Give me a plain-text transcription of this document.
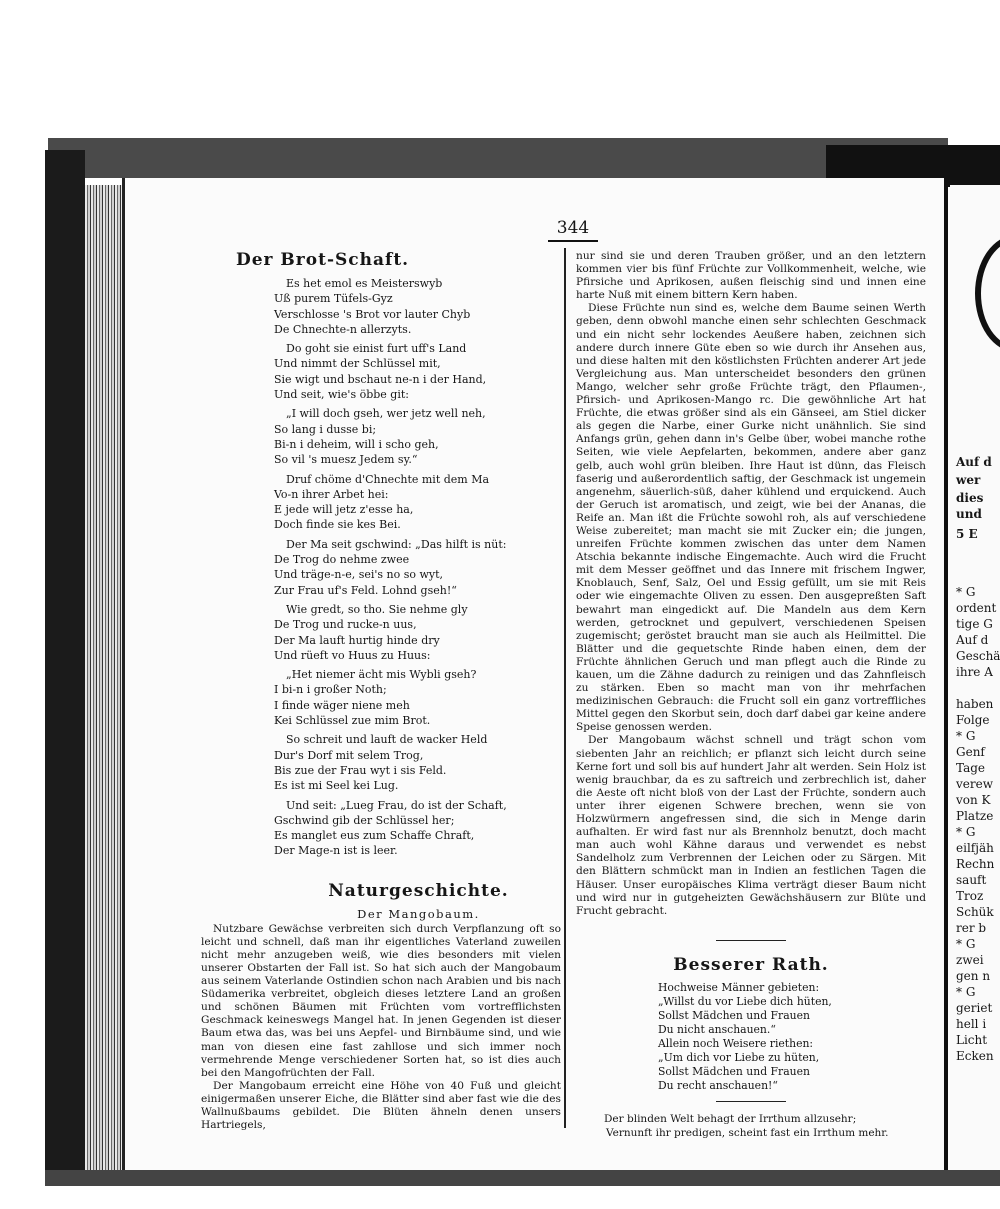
Auf d
wer
dies
und
5 E
* G
ordent
tige G
Auf d
Geschä
ihre A
haben
Folge
* G
Genf
Tage
verew
von K
Platze
* G
eilfjäh
Rechn
sauft
Troz
Schük
rer b
* G
zwei
gen n
* G
geriet
hell i
Licht
Ecken
344
Der Brot-Schaft.
Es het emol es Meisterswyb
Uß purem Tüfels-Gyz
Verschlosse 's Brot vor lauter Chyb
De Chnechte-n allerzyts.
Do goht sie einist furt uff's Land
Und nimmt der Schlüssel mit,
Sie wigt und bschaut ne-n i der Hand,
Und seit, wie's öbbe git:
„I will doch gseh, wer jetz well neh,
So lang i dusse bi;
Bi-n i deheim, will i scho geh,
So vil 's muesz Jedem sy.“
Druf chöme d'Chnechte mit dem Ma
Vo-n ihrer Arbet hei:
E jede will jetz z'esse ha,
Doch finde sie kes Bei.
Der Ma seit gschwind: „Das hilft is nüt:
De Trog do nehme zwee
Und träge-n-e, sei's no so wyt,
Zur Frau uf's Feld. Lohnd gseh!“
Wie gredt, so tho. Sie nehme gly
De Trog und rucke-n uus,
Der Ma lauft hurtig hinde dry
Und rüeft vo Huus zu Huus:
„Het niemer ächt mis Wybli gseh?
I bi-n i großer Noth;
I finde wäger niene meh
Kei Schlüssel zue mim Brot.
So schreit und lauft de wacker Held
Dur's Dorf mit selem Trog,
Bis zue der Frau wyt i sis Feld.
Es ist mi Seel kei Lug.
Und seit: „Lueg Frau, do ist der Schaft,
Gschwind gib der Schlüssel her;
Es manglet eus zum Schaffe Chraft,
Der Mage-n ist is leer.
Naturgeschichte.
Der Mangobaum.

Nutzbare Gewächse verbreiten sich durch Verpflanzung oft so leicht und schnell, daß man ihr eigentliches Vaterland zuweilen nicht mehr anzugeben weiß, wie dies besonders mit vielen unserer Obstarten der Fall ist. So hat sich auch der Mangobaum aus seinem Vaterlande Ostindien schon nach Arabien und bis nach Südamerika verbreitet, obgleich dieses letztere Land an großen und schönen Bäumen mit Früchten vom vortrefflichsten Geschmack keineswegs Mangel hat. In jenen Gegenden ist dieser Baum etwa das, was bei uns Aepfel- und Birnbäume sind, und wie man von diesen eine fast zahllose und sich immer noch vermehrende Menge verschiedener Sorten hat, so ist dies auch bei den Mangofrüchten der Fall.

Der Mangobaum erreicht eine Höhe von 40 Fuß und gleicht einigermaßen unserer Eiche, die Blätter sind aber fast wie die des Wallnußbaums gebildet. Die Blüten ähneln denen unsers Hartriegels,

nur sind sie und deren Trauben größer, und an den letztern kommen vier bis fünf Früchte zur Vollkommenheit, welche, wie Pfirsiche und Aprikosen, außen fleischig sind und innen eine harte Nuß mit einem bittern Kern haben.

Diese Früchte nun sind es, welche dem Baume seinen Werth geben, denn obwohl manche einen sehr schlechten Geschmack und ein nicht sehr lockendes Aeußere haben, zeichnen sich andere durch innere Güte eben so wie durch ihr Ansehen aus, und diese halten mit den köstlichsten Früchten anderer Art jede Vergleichung aus. Man unterscheidet besonders den grünen Mango, welcher sehr große Früchte trägt, den Pflaumen-, Pfirsich- und Aprikosen-Mango rc. Die gewöhnliche Art hat Früchte, die etwas größer sind als ein Gänseei, am Stiel dicker als gegen die Narbe, einer Gurke nicht unähnlich. Sie sind Anfangs grün, gehen dann in's Gelbe über, wobei manche rothe Seiten, wie viele Aepfelarten, bekommen, andere aber ganz gelb, auch wohl grün bleiben. Ihre Haut ist dünn, das Fleisch faserig und außerordentlich saftig, der Geschmack ist ungemein angenehm, säuerlich-süß, daher kühlend und erquickend. Auch der Geruch ist aromatisch, und zeigt, wie bei der Ananas, die Reife an. Man ißt die Früchte sowohl roh, als auf verschiedene Weise zubereitet; man macht sie mit Zucker ein; die jungen, unreifen Früchte kommen zwischen das unter dem Namen Atschia bekannte indische Eingemachte. Auch wird die Frucht mit dem Messer geöffnet und das Innere mit frischem Ingwer, Knoblauch, Senf, Salz, Oel und Essig gefüllt, um sie mit Reis oder wie eingemachte Oliven zu essen. Den ausgepreßten Saft bewahrt man eingedickt auf. Die Mandeln aus dem Kern werden, getrocknet und gepulvert, verschiedenen Speisen zugemischt; geröstet braucht man sie auch als Heilmittel. Die Blätter und die gequetschte Rinde haben einen, dem der Früchte ähnlichen Geruch und man pflegt auch die Rinde zu kauen, um die Zähne dadurch zu reinigen und das Zahnfleisch zu stärken. Eben so macht man von ihr mehrfachen medizinischen Gebrauch: die Frucht soll ein ganz vortreffliches Mittel gegen den Skorbut sein, doch darf dabei gar keine andere Speise genossen werden.

Der Mangobaum wächst schnell und trägt schon vom siebenten Jahr an reichlich; er pflanzt sich leicht durch seine Kerne fort und soll bis auf hundert Jahr alt werden. Sein Holz ist wenig brauchbar, da es zu saftreich und zerbrechlich ist, daher die Aeste oft nicht bloß von der Last der Früchte, sondern auch unter ihrer eigenen Schwere brechen, wenn sie von Holzwürmern angefressen sind, die sich in Menge darin aufhalten. Er wird fast nur als Brennholz benutzt, doch macht man auch wohl Kähne daraus und verwendet es nebst Sandelholz zum Verbrennen der Leichen oder zu Särgen. Mit den Blättern schmückt man in Indien an festlichen Tagen die Häuser. Unser europäisches Klima verträgt dieser Baum nicht und wird nur in gutgeheizten Gewächshäusern zur Blüte und Frucht gebracht.

Besserer Rath.
Hochweise Männer gebieten:
„Willst du vor Liebe dich hüten,
Sollst Mädchen und Frauen
Du nicht anschauen.“
Allein noch Weisere riethen:
„Um dich vor Liebe zu hüten,
Sollst Mädchen und Frauen
Du recht anschauen!“
Der blinden Welt behagt der Irrthum allzusehr;
Vernunft ihr predigen, scheint fast ein Irrthum mehr.
